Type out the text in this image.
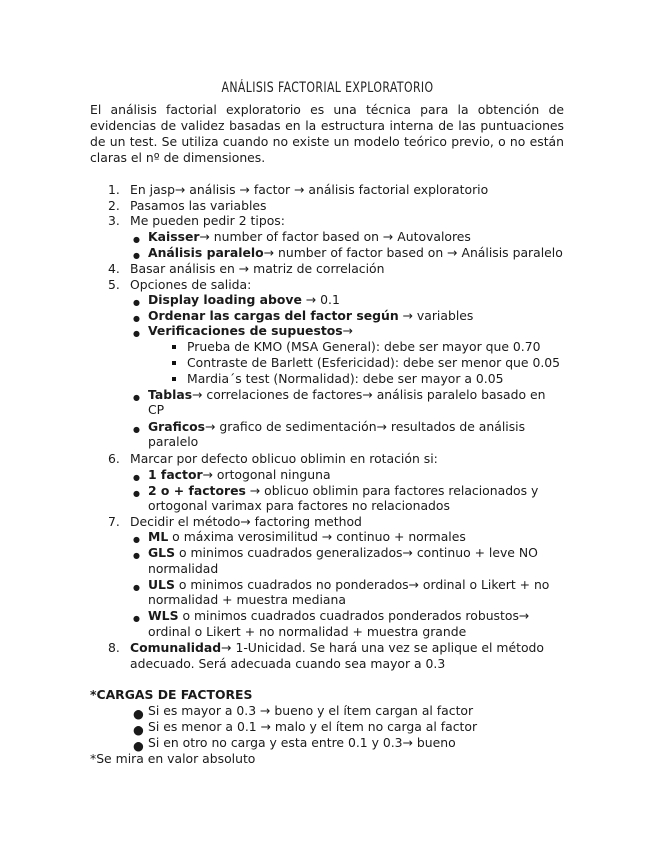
ANÁLISIS FACTORIAL EXPLORATORIO
El análisis factorial exploratorio es una técnica para la obtención de evidencias de validez basadas en la estructura interna de las puntuaciones de un test. Se utiliza cuando no existe un modelo teórico previo, o no están claras el nº de dimensiones.
1. En jasp→ análisis → factor → análisis factorial exploratorio
2. Pasamos las variables
3. Me pueden pedir 2 tipos:
● Kaisser→ number of factor based on → Autovalores
● Análisis paralelo→ number of factor based on → Análisis paralelo
4. Basar análisis en → matriz de correlación
5. Opciones de salida:
● Display loading above → 0.1
● Ordenar las cargas del factor según → variables
● Verificaciones de supuestos→
Prueba de KMO (MSA General): debe ser mayor que 0.70
Contraste de Barlett (Esfericidad): debe ser menor que 0.05
Mardia´s test (Normalidad): debe ser mayor a 0.05
● Tablas→ correlaciones de factores→ análisis paralelo basado en
CP
● Graficos→ grafico de sedimentación→ resultados de análisis
paralelo
6. Marcar por defecto oblicuo oblimin en rotación si:
● 1 factor→ ortogonal ninguna
● 2 o + factores → oblicuo oblimin para factores relacionados y
ortogonal varimax para factores no relacionados
7. Decidir el método→ factoring method
● ML o máxima verosimilitud → continuo + normales
● GLS o minimos cuadrados generalizados→ continuo + leve NO
normalidad
● ULS o minimos cuadrados no ponderados→ ordinal o Likert + no
normalidad + muestra mediana
● WLS o minimos cuadrados cuadrados ponderados robustos→
ordinal o Likert + no normalidad + muestra grande
8. Comunalidad→ 1-Unicidad. Se hará una vez se aplique el método
adecuado. Será adecuada cuando sea mayor a 0.3
*CARGAS DE FACTORES
● Si es mayor a 0.3 → bueno y el ítem cargan al factor
● Si es menor a 0.1 → malo y el ítem no carga al factor
● Si en otro no carga y esta entre 0.1 y 0.3→ bueno
*Se mira en valor absoluto
